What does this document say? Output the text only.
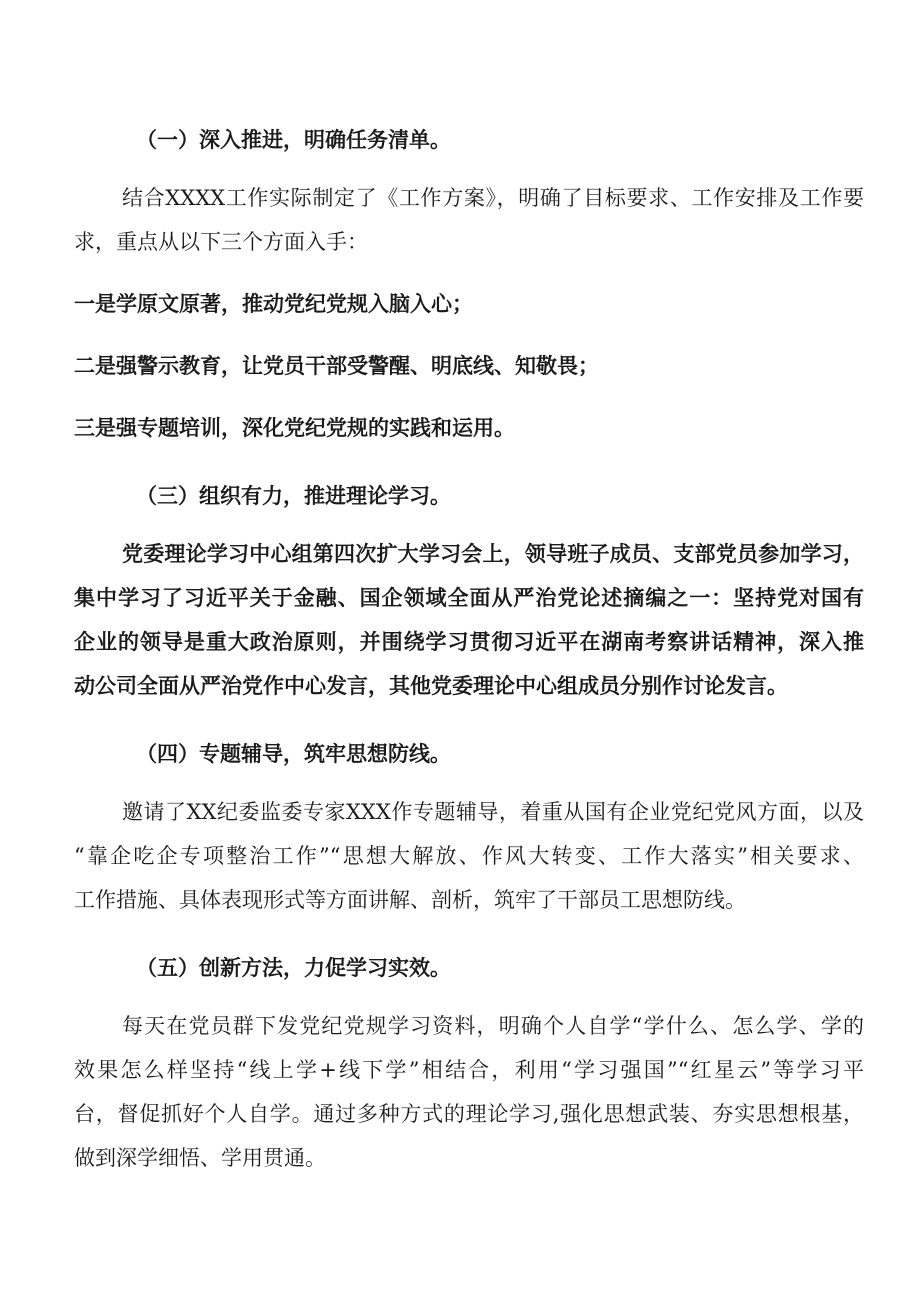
（一）深入推进，明确任务清单。
结合XXXX工作实际制定了《工作方案》，明确了目标要求、工作安排及工作要
求，重点从以下三个方面入手：
一是学原文原著，推动党纪党规入脑入心；
二是强警示教育，让党员干部受警醒、明底线、知敬畏；
三是强专题培训，深化党纪党规的实践和运用。
（三）组织有力，推进理论学习。
党委理论学习中心组第四次扩大学习会上，领导班子成员、支部党员参加学习，
集中学习了习近平关于金融、国企领域全面从严治党论述摘编之一：坚持党对国有
企业的领导是重大政治原则，并围绕学习贯彻习近平在湖南考察讲话精神，深入推
动公司全面从严治党作中心发言，其他党委理论中心组成员分别作讨论发言。
（四）专题辅导，筑牢思想防线。
邀请了XX纪委监委专家XXX作专题辅导，着重从国有企业党纪党风方面，以及
“靠企吃企专项整治工作”“思想大解放、作风大转变、工作大落实”相关要求、
工作措施、具体表现形式等方面讲解、剖析，筑牢了干部员工思想防线。
（五）创新方法，力促学习实效。
每天在党员群下发党纪党规学习资料，明确个人自学“学什么、怎么学、学的
效果怎么样坚持“线上学+线下学”相结合，利用“学习强国”“红星云”等学习平
台，督促抓好个人自学。通过多种方式的理论学习,强化思想武装、夯实思想根基，
做到深学细悟、学用贯通。
